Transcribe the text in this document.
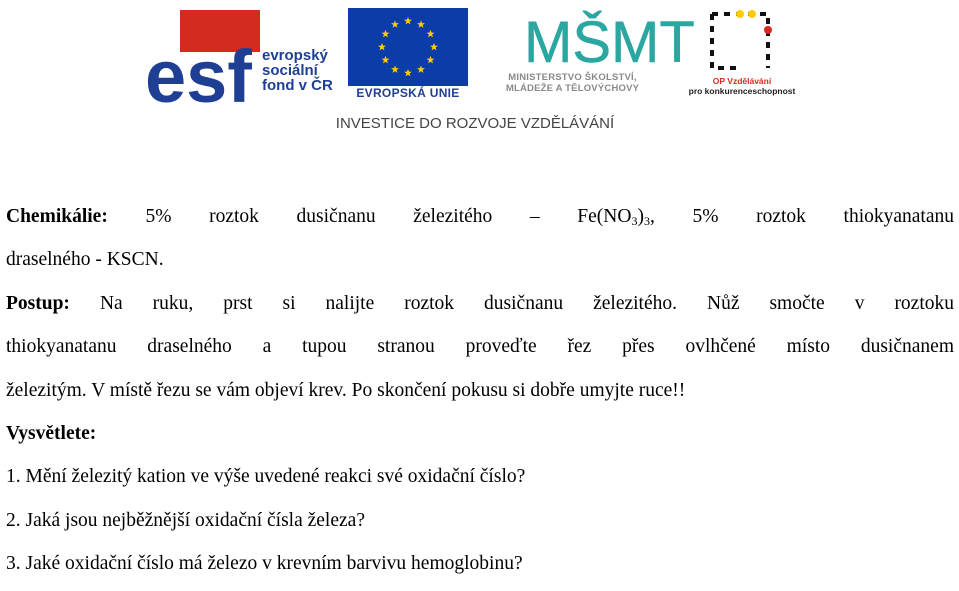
esf evropský
sociální
fond v ČR	EVROPSKÁ UNIE
MŠMT
MINISTERSTVO ŠKOLSTVÍ,
MLÁDEŽE A TĚLOVÝCHOVY
OP Vzdělávání
pro konkurenceschopnost
INVESTICE DO ROZVOJE VZDĚLÁVÁNÍ

Chemikálie: 5% roztok dusičnanu železitého – $Fe(NO_3)_3$, 5% roztok thiokyanatanu

draselného - KSCN.

Postup: Na ruku, prst si nalijte roztok dusičnanu železitého. Nůž smočte v roztoku

thiokyanatanu draselného a tupou stranou proveďte řez přes ovlhčené místo dusičnanem

železitým. V místě řezu se vám objeví krev. Po skončení pokusu si dobře umyjte ruce!!

Vysvětlete:

1. Mění železitý kation ve výše uvedené reakci své oxidační číslo?

2. Jaká jsou nejběžnější oxidační čísla železa?

3. Jaké oxidační číslo má železo v krevním barvivu hemoglobinu?
